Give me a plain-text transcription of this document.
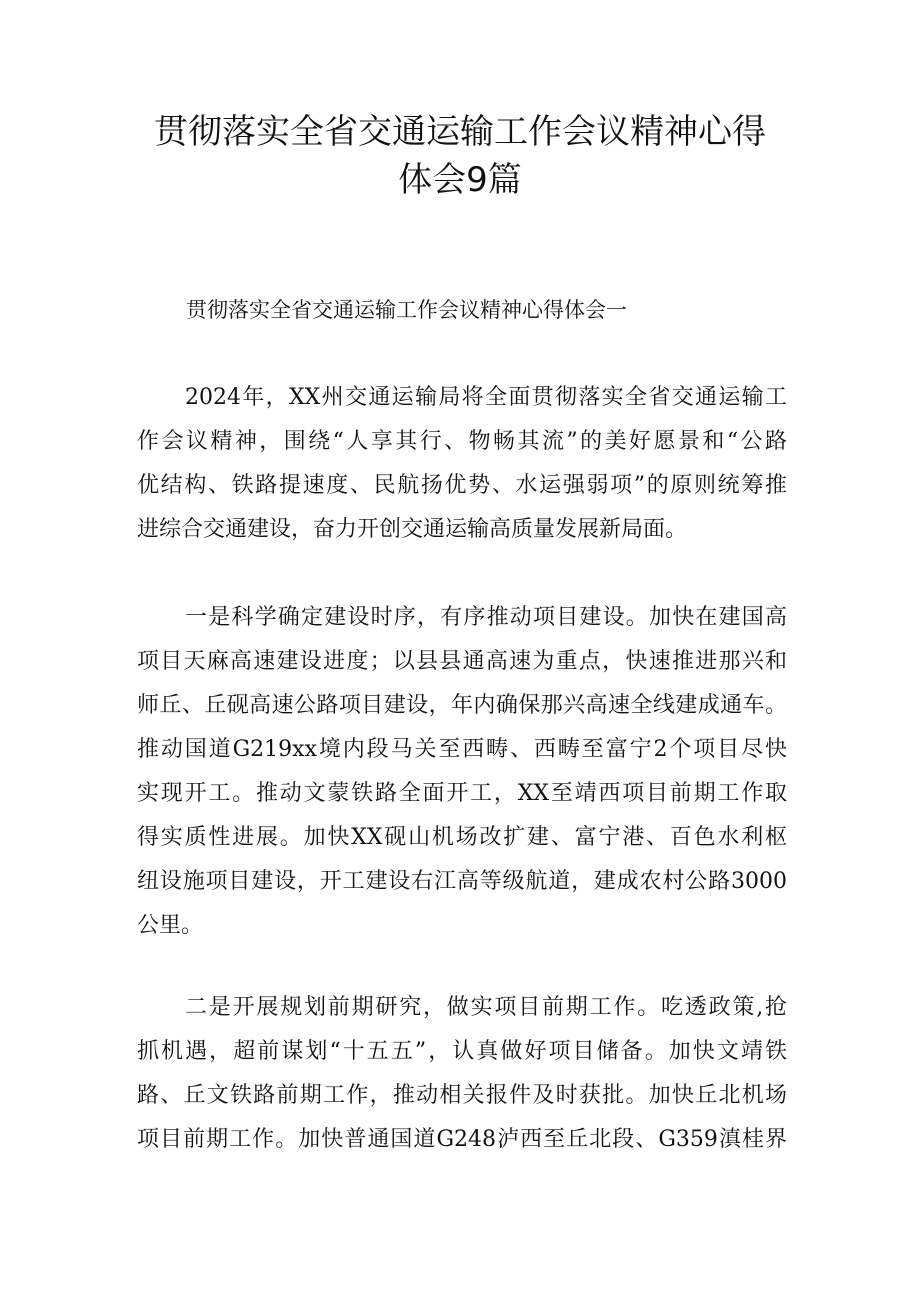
贯彻落实全省交通运输工作会议精神心得
体会9篇
贯彻落实全省交通运输工作会议精神心得体会一
2024年，XX州交通运输局将全面贯彻落实全省交通运输工
作会议精神，围绕“人享其行、物畅其流”的美好愿景和“公路
优结构、铁路提速度、民航扬优势、水运强弱项”的原则统筹推
进综合交通建设，奋力开创交通运输高质量发展新局面。
一是科学确定建设时序，有序推动项目建设。加快在建国高
项目天麻高速建设进度；以县县通高速为重点，快速推进那兴和
师丘、丘砚高速公路项目建设，年内确保那兴高速全线建成通车。
推动国道G219xx境内段马关至西畴、西畴至富宁2个项目尽快
实现开工。推动文蒙铁路全面开工，XX至靖西项目前期工作取
得实质性进展。加快XX砚山机场改扩建、富宁港、百色水利枢
纽设施项目建设，开工建设右江高等级航道，建成农村公路3000
公里。
二是开展规划前期研究，做实项目前期工作。吃透政策,抢
抓机遇，超前谋划“十五五”，认真做好项目储备。加快文靖铁
路、丘文铁路前期工作，推动相关报件及时获批。加快丘北机场
项目前期工作。加快普通国道G248泸西至丘北段、G359滇桂界
